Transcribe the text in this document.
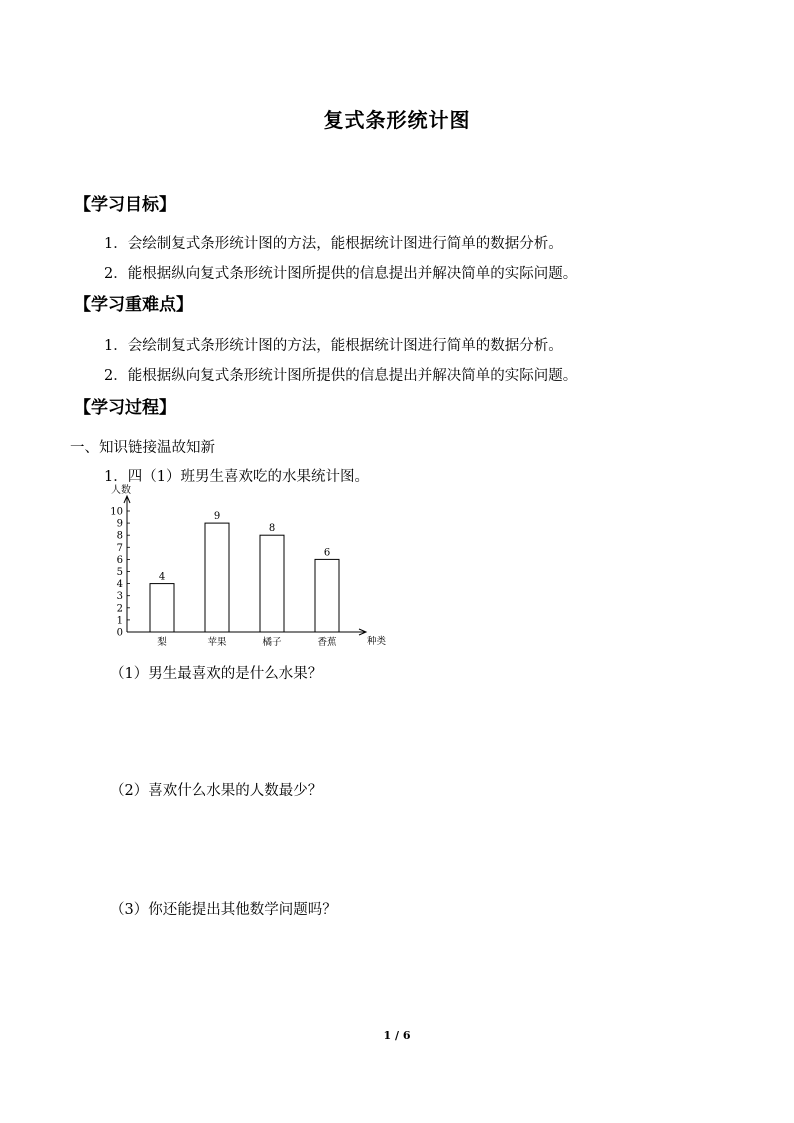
复式条形统计图
【学习目标】
1．会绘制复式条形统计图的方法，能根据统计图进行简单的数据分析。
2．能根据纵向复式条形统计图所提供的信息提出并解决简单的实际问题。
【学习重难点】
1．会绘制复式条形统计图的方法，能根据统计图进行简单的数据分析。
2．能根据纵向复式条形统计图所提供的信息提出并解决简单的实际问题。
【学习过程】
一、知识链接温故知新
1．四（1）班男生喜欢吃的水果统计图。
人数
种类
0
1
2
3
4
5
6
7
8
9
10
4
梨
9
苹果
8
橘子
6
香蕉
（1）男生最喜欢的是什么水果？
（2）喜欢什么水果的人数最少？
（3）你还能提出其他数学问题吗？
1 / 6
